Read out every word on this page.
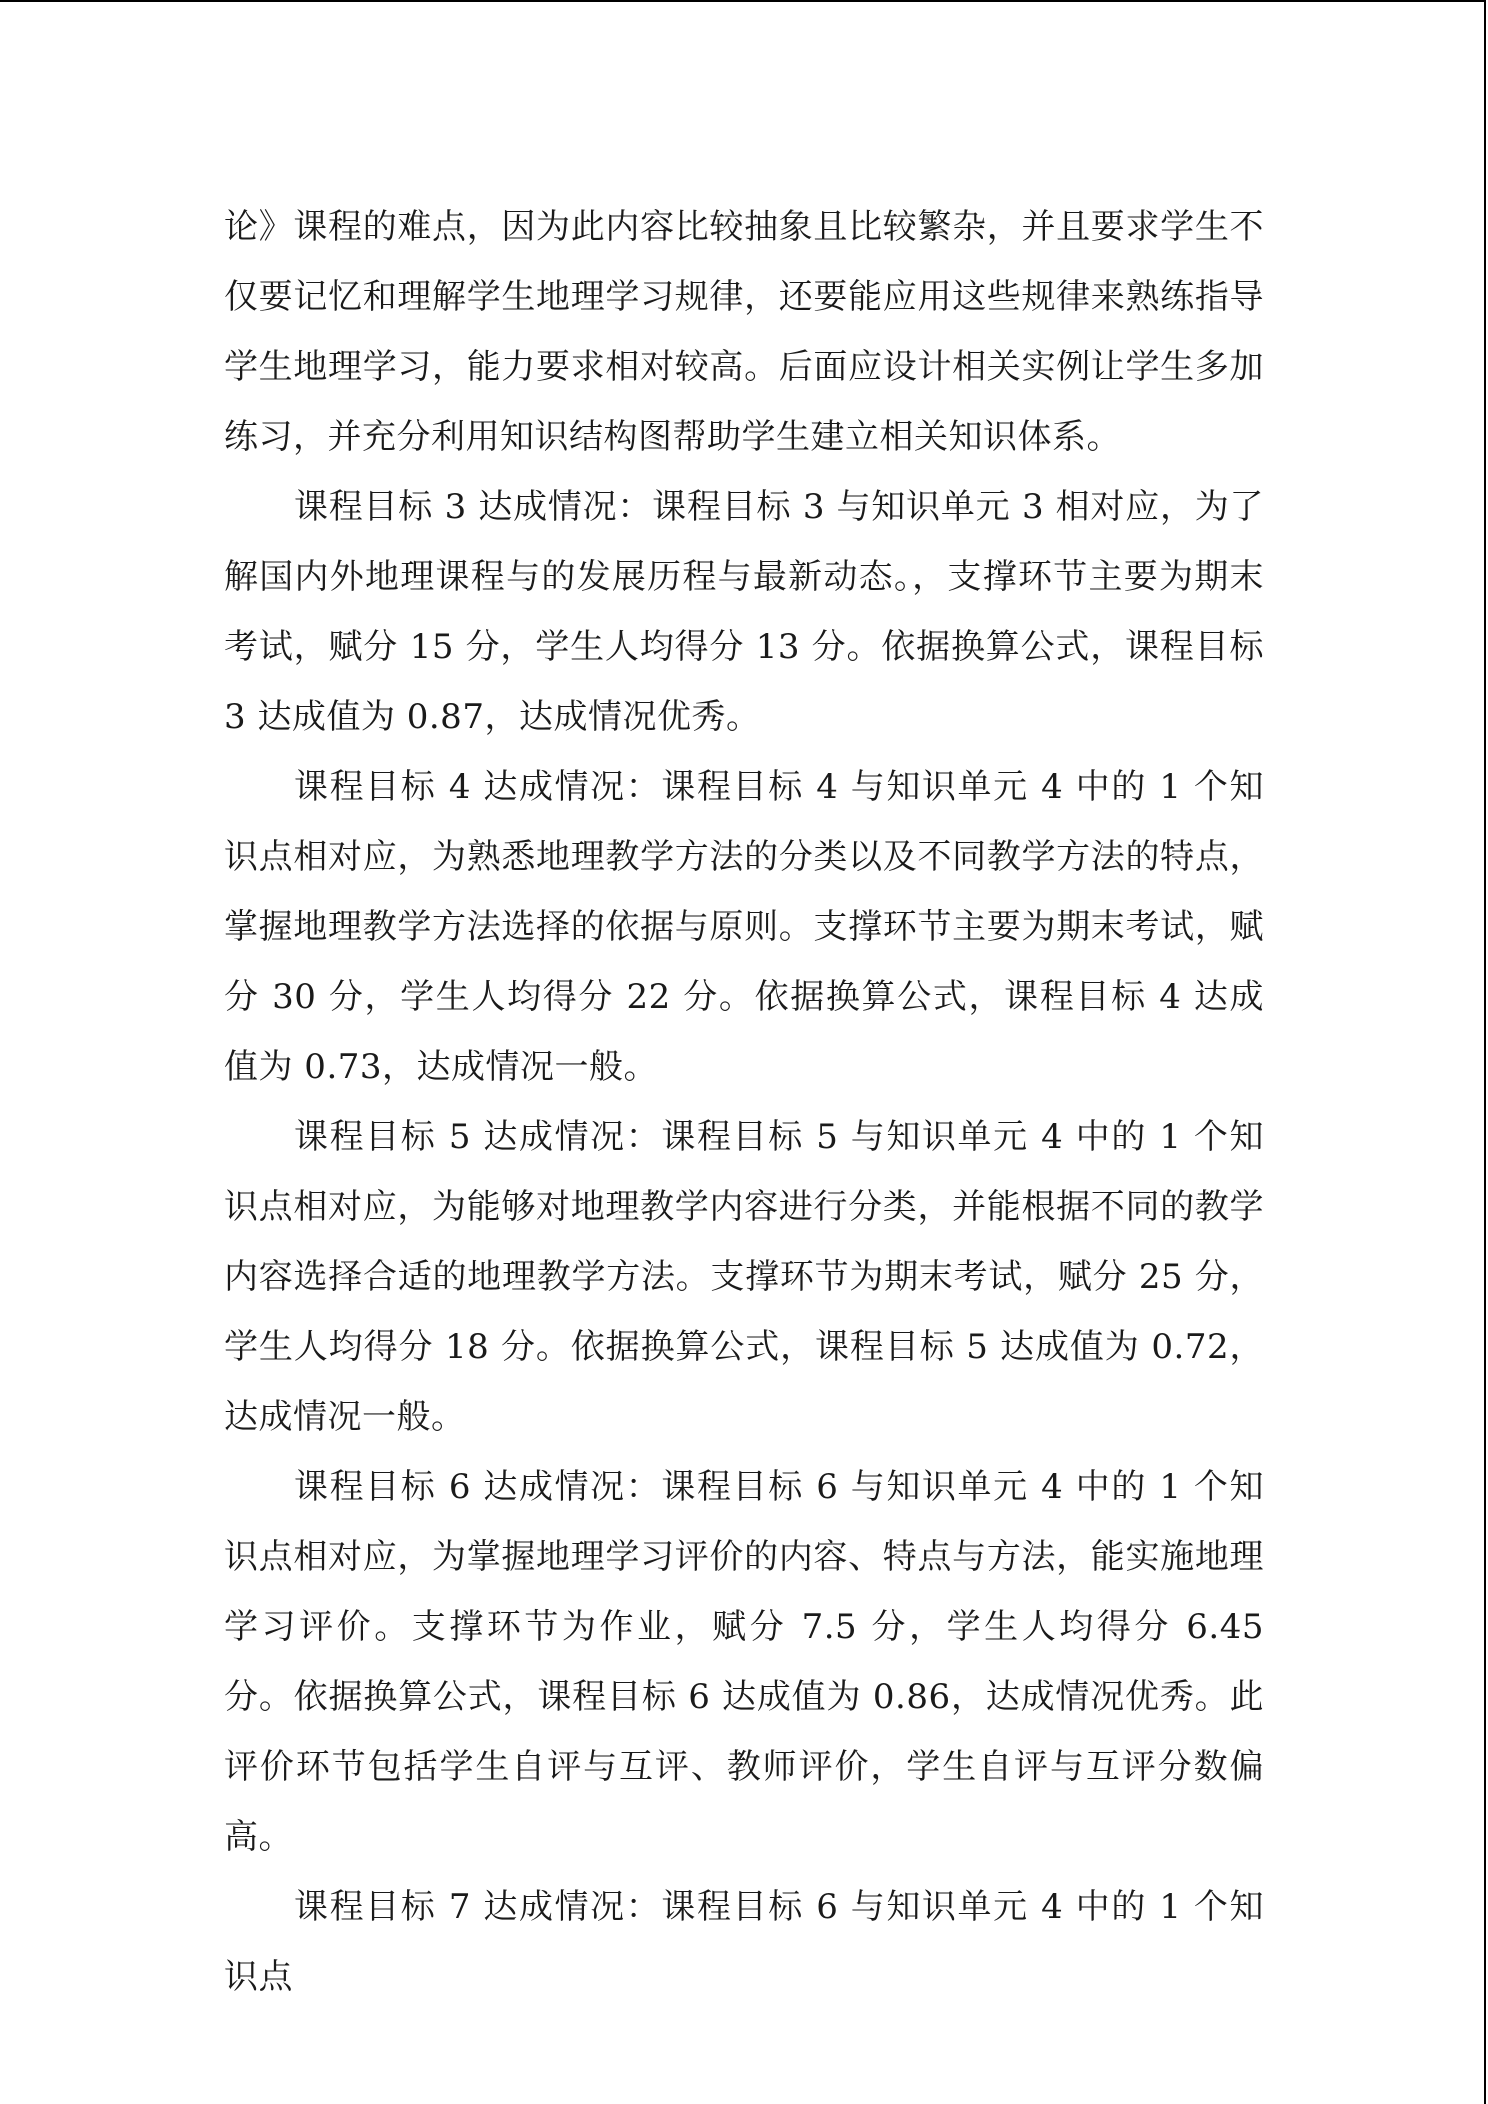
论》课程的难点，因为此内容比较抽象且比较繁杂，并且要求学生不仅要记忆和理解学生地理学习规律，还要能应用这些规律来熟练指导学生地理学习，能力要求相对较高。后面应设计相关实例让学生多加练习，并充分利用知识结构图帮助学生建立相关知识体系。

课程目标 3 达成情况：课程目标 3 与知识单元 3 相对应，为了解国内外地理课程与的发展历程与最新动态。，支撑环节主要为期末考试，赋分 15 分，学生人均得分 13 分。依据换算公式，课程目标 3 达成值为 0.87，达成情况优秀。

课程目标 4 达成情况：课程目标 4 与知识单元 4 中的 1 个知识点相对应，为熟悉地理教学方法的分类以及不同教学方法的特点，掌握地理教学方法选择的依据与原则。支撑环节主要为期末考试，赋分 30 分，学生人均得分 22 分。依据换算公式，课程目标 4 达成值为 0.73，达成情况一般。

课程目标 5 达成情况：课程目标 5 与知识单元 4 中的 1 个知识点相对应，为能够对地理教学内容进行分类，并能根据不同的教学内容选择合适的地理教学方法。支撑环节为期末考试，赋分 25 分，学生人均得分 18 分。依据换算公式，课程目标 5 达成值为 0.72，达成情况一般。

课程目标 6 达成情况：课程目标 6 与知识单元 4 中的 1 个知识点相对应，为掌握地理学习评价的内容、特点与方法，能实施地理学习评价。支撑环节为作业，赋分 7.5 分，学生人均得分 6.45 分。依据换算公式，课程目标 6 达成值为 0.86，达成情况优秀。此评价环节包括学生自评与互评、教师评价，学生自评与互评分数偏高。

课程目标 7 达成情况：课程目标 6 与知识单元 4 中的 1 个知识点
